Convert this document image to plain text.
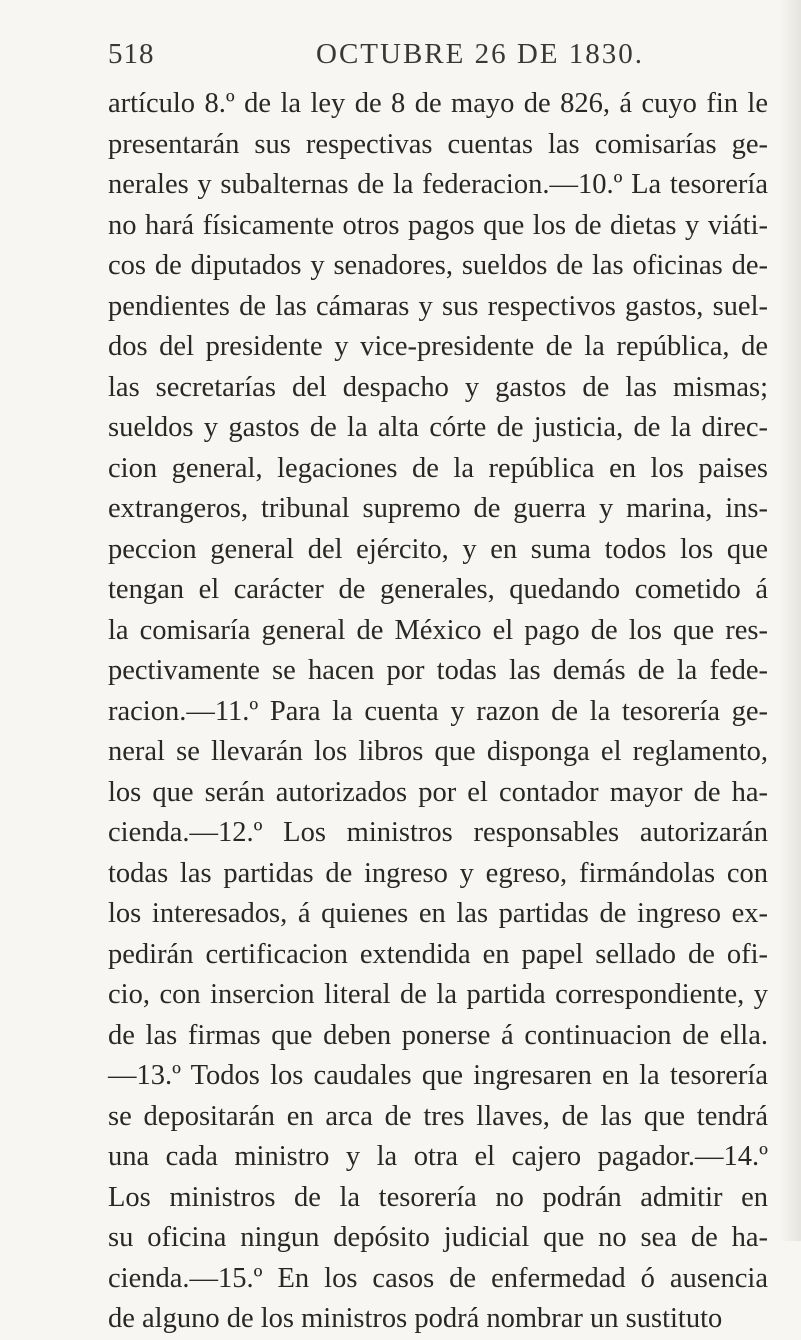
518	OCTUBRE 26 DE 1830.
artículo 8.º de la ley de 8 de mayo de 826, á cuyo fin le
presentarán sus respectivas cuentas las comisarías ge-
nerales y subalternas de la federacion.—10.º La tesorería
no hará físicamente otros pagos que los de dietas y viáti-
cos de diputados y senadores, sueldos de las oficinas de-
pendientes de las cámaras y sus respectivos gastos, suel-
dos del presidente y vice-presidente de la república, de
las secretarías del despacho y gastos de las mismas;
sueldos y gastos de la alta córte de justicia, de la direc-
cion general, legaciones de la república en los paises
extrangeros, tribunal supremo de guerra y marina, ins-
peccion general del ejército, y en suma todos los que
tengan el carácter de generales, quedando cometido á
la comisaría general de México el pago de los que res-
pectivamente se hacen por todas las demás de la fede-
racion.—11.º Para la cuenta y razon de la tesorería ge-
neral se llevarán los libros que disponga el reglamento,
los que serán autorizados por el contador mayor de ha-
cienda.—12.º Los ministros responsables autorizarán
todas las partidas de ingreso y egreso, firmándolas con
los interesados, á quienes en las partidas de ingreso ex-
pedirán certificacion extendida en papel sellado de ofi-
cio, con insercion literal de la partida correspondiente, y
de las firmas que deben ponerse á continuacion de ella.
—13.º Todos los caudales que ingresaren en la tesorería
se depositarán en arca de tres llaves, de las que tendrá
una cada ministro y la otra el cajero pagador.—14.º
Los ministros de la tesorería no podrán admitir en
su oficina ningun depósito judicial que no sea de ha-
cienda.—15.º En los casos de enfermedad ó ausencia
de alguno de los ministros podrá nombrar un sustituto
